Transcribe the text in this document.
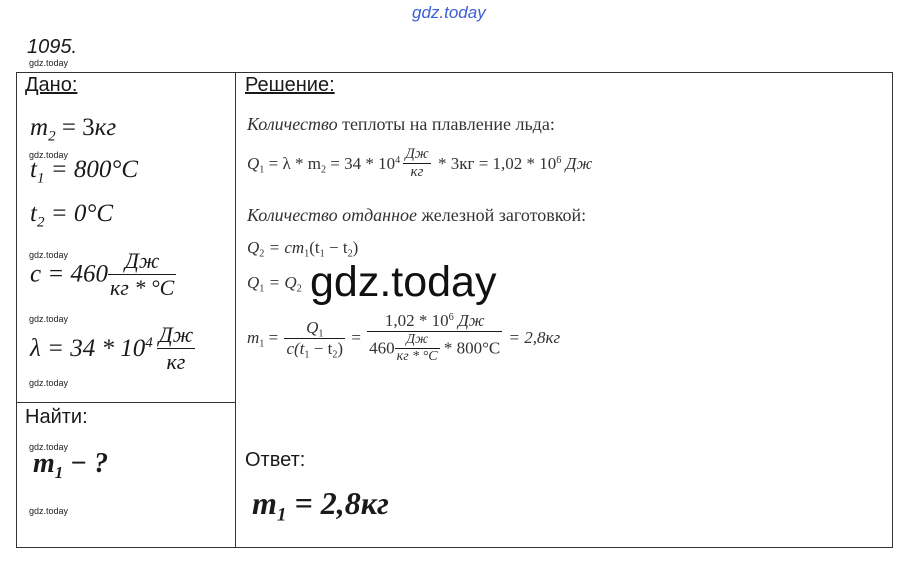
gdz.today
1095.
gdz.today
Дано:
$m_2 = 3кг$
gdz.today
$t_1 = 800^\circ C$
$t_2 = 0^\circ C$
gdz.today
$c = 460 \frac{Дж}{кг * ^\circ С}$
gdz.today
$\lambda = 34 * 10^4 \frac{Дж}{кг}$
gdz.today
Найти:
gdz.today
$m_1$ − ?
gdz.today
Решение:
Количество теплоты на плавление льда:
$Q_1 = \lambda * m_2 = 34 * 10^4 \frac{Дж}{кг} * 3кг = 1,02 * 10^6$ Дж
Количество отданное железной заготовкой:
$Q_2 = cm_1(t_1 - t_2)$
$Q_1 = Q_2$ gdz.today
$m_1 = \frac{Q_1}{c(t_1 - t_2)} = \frac{1,02 * 10^6 Дж}{460 \frac{Дж}{кг * ^\circ С} * 800^\circ C} = 2,8кг$
Ответ:
$m_1 = 2,8кг$
